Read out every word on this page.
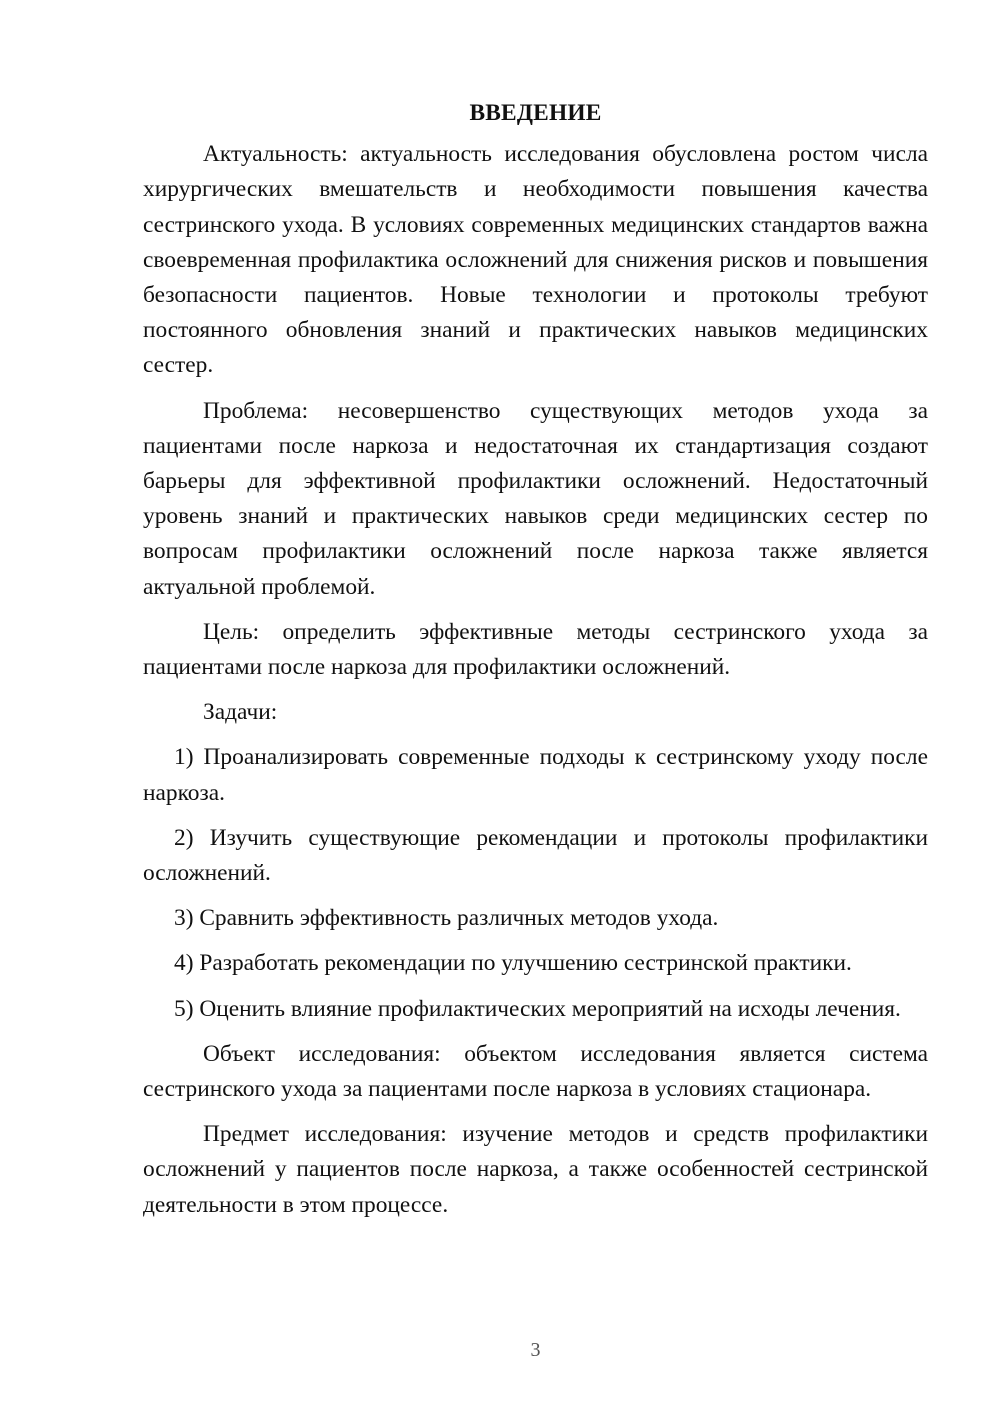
ВВЕДЕНИЕ

Актуальность: актуальность исследования обусловлена ростом числа хирургических вмешательств и необходимости повышения качества сестринского ухода. В условиях современных медицинских стандартов важна своевременная профилактика осложнений для снижения рисков и повышения безопасности пациентов. Новые технологии и протоколы требуют постоянного обновления знаний и практических навыков медицинских сестер.

Проблема: несовершенство существующих методов ухода за пациентами после наркоза и недостаточная их стандартизация создают барьеры для эффективной профилактики осложнений. Недостаточный уровень знаний и практических навыков среди медицинских сестер по вопросам профилактики осложнений после наркоза также является актуальной проблемой.

Цель: определить эффективные методы сестринского ухода за пациентами после наркоза для профилактики осложнений.

Задачи:

1) Проанализировать современные подходы к сестринскому уходу после наркоза.

2) Изучить существующие рекомендации и протоколы профилактики осложнений.

3) Сравнить эффективность различных методов ухода.

4) Разработать рекомендации по улучшению сестринской практики.

5) Оценить влияние профилактических мероприятий на исходы лечения.

Объект исследования: объектом исследования является система сестринского ухода за пациентами после наркоза в условиях стационара.

Предмет исследования: изучение методов и средств профилактики осложнений у пациентов после наркоза, а также особенностей сестринской деятельности в этом процессе.

3
